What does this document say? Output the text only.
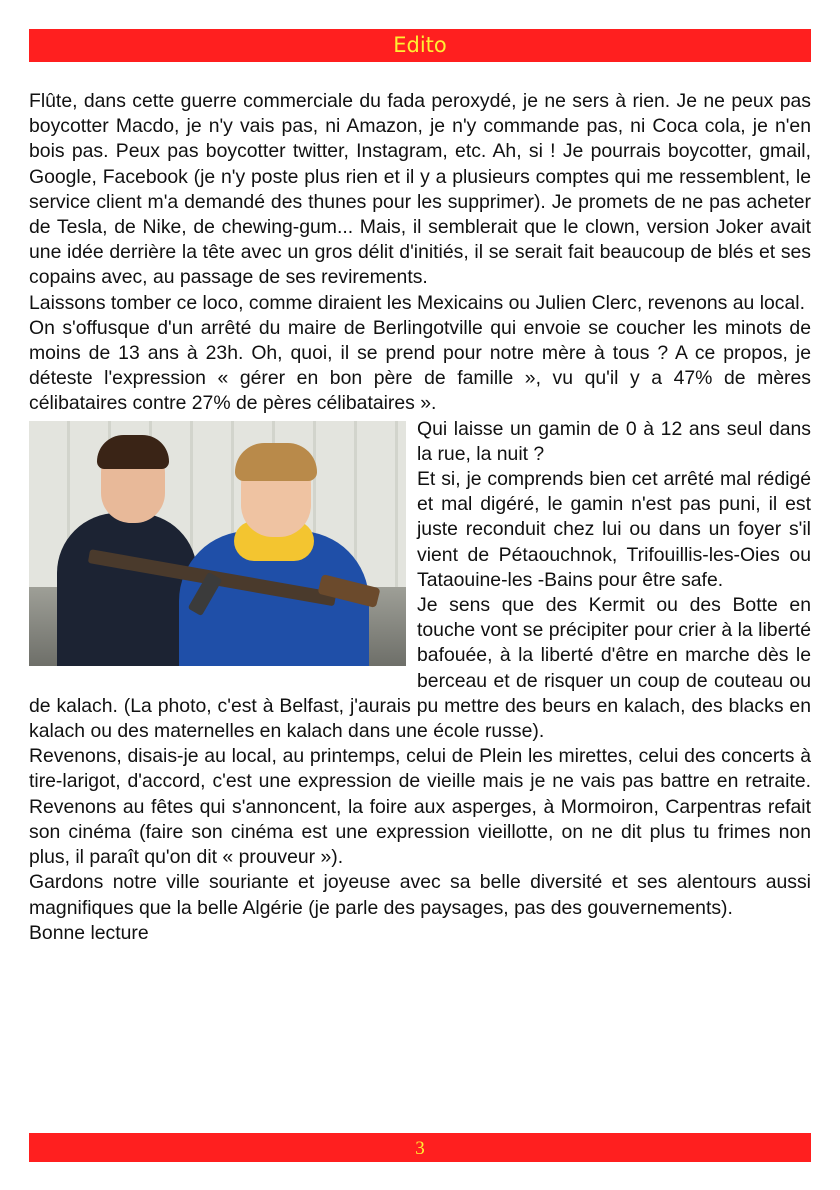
Edito

Flûte, dans cette guerre commerciale du fada peroxydé, je ne sers à rien. Je ne peux pas boycotter Macdo, je n'y vais pas, ni Amazon, je n'y commande pas, ni Coca cola, je n'en bois pas. Peux pas boycotter twitter, Instagram, etc. Ah, si ! Je pourrais boycotter, gmail, Google, Facebook (je n'y poste plus rien et il y a plusieurs comptes qui me ressemblent, le service client m'a demandé des thunes pour les supprimer). Je promets de ne pas acheter de Tesla, de Nike, de chewing-gum... Mais, il semblerait que le clown, version Joker avait une idée derrière la tête avec un gros délit d'initiés, il se serait fait beaucoup de blés et ses copains avec, au passage de ses revirements.

Laissons tomber ce loco, comme diraient les Mexicains ou Julien Clerc, revenons au local.

On s'offusque d'un arrêté du maire de Berlingotville qui envoie se coucher les minots de moins de 13 ans à 23h. Oh, quoi, il se prend pour notre mère à tous ? A ce propos, je déteste l'expression « gérer en bon père de famille », vu qu'il y a 47% de mères célibataires contre 27% de pères célibataires ».

Qui laisse un gamin de 0 à 12 ans seul dans la rue, la nuit ?

Et si, je comprends bien cet arrêté mal rédigé et mal digéré, le gamin n'est pas puni, il est juste reconduit chez lui ou dans un foyer s'il vient de Pétaouchnok, Trifouillis-les-Oies ou Tataouine-les -Bains pour être safe.

Je sens que des Kermit ou des Botte en touche vont se précipiter pour crier à la liberté bafouée, à la liberté d'être en marche dès le berceau et de risquer un coup de couteau ou de kalach. (La photo, c'est à Belfast, j'aurais pu mettre des beurs en kalach, des blacks en kalach ou des maternelles en kalach dans une école russe).

Revenons, disais-je au local, au printemps, celui de Plein les mirettes, celui des concerts à tire-larigot, d'accord, c'est une expression de vieille mais je ne vais pas battre en retraite. Revenons au fêtes qui s'annoncent, la foire aux asperges, à Mormoiron, Carpentras refait son cinéma (faire son cinéma est une expression vieillotte, on ne dit plus tu frimes non plus, il paraît qu'on dit « prouveur »).

Gardons notre ville souriante et joyeuse avec sa belle diversité et ses alentours aussi magnifiques que la belle Algérie (je parle des paysages, pas des gouvernements).

Bonne lecture

3
